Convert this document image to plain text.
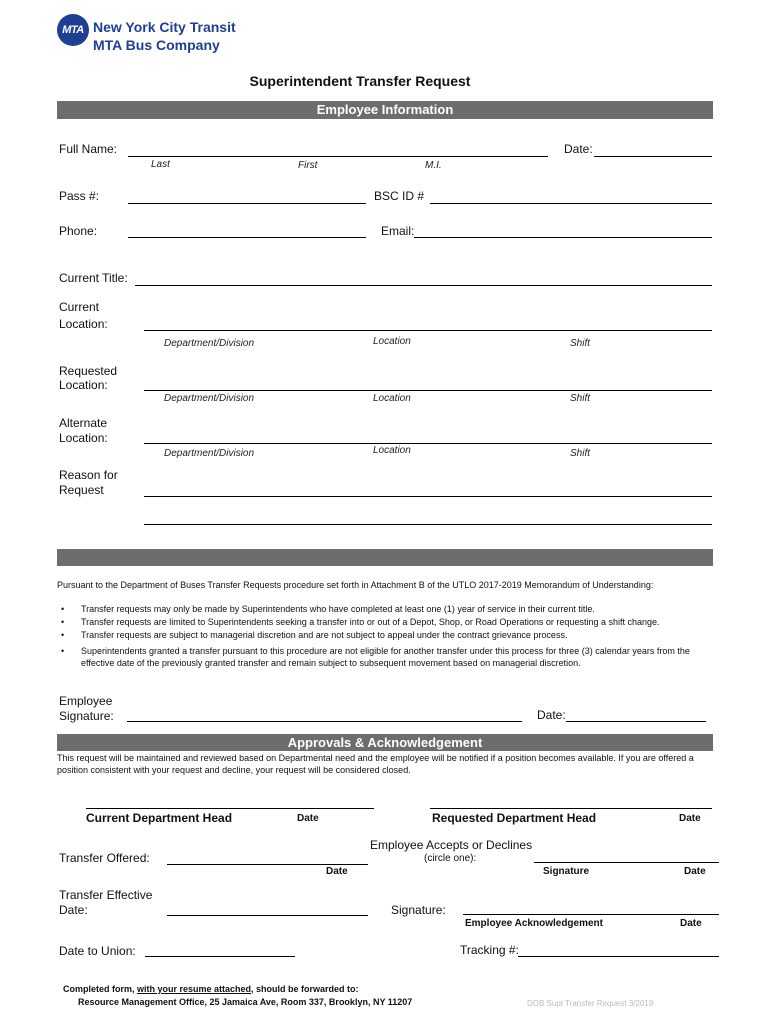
MTA New York City Transit
MTA Bus Company
Superintendent Transfer Request
Employee Information
Full Name:	Date:
Last	First	M.I.
Pass #:	BSC ID #
Phone:	Email:
Current Title:
Current
Location:
Department/Division	Location	Shift
Requested
Location:
Department/Division	Location	Shift
Alternate
Location:
Department/Division	Location	Shift
Reason for
Request
Pursuant to the Department of Buses Transfer Requests procedure set forth in Attachment B of the UTLO 2017-2019 Memorandum of Understanding:
• Transfer requests may only be made by Superintendents who have completed at least one (1) year of service in their current title.
• Transfer requests are limited to Superintendents seeking a transfer into or out of a Depot, Shop, or Road Operations or requesting a shift change.
• Transfer requests are subject to managerial discretion and are not subject to appeal under the contract grievance process.
• Superintendents granted a transfer pursuant to this procedure are not eligible for another transfer under this process for three (3) calendar years from the effective date of the previously granted transfer and remain subject to subsequent movement based on managerial discretion.
Employee
Signature:	Date:
Approvals & Acknowledgement
This request will be maintained and reviewed based on Departmental need and the employee will be notified if a position becomes available. If you are offered a position consistent with your request and decline, your request will be considered closed.
Current Department Head	Date	Requested Department Head	Date
Employee Accepts or Declines
(circle one):
Transfer Offered:
Date	Signature	Date
Transfer Effective
Date:	Signature:
Employee Acknowledgement	Date
Date to Union:	Tracking #:
Completed form, with your resume attached, should be forwarded to:
Resource Management Office, 25 Jamaica Ave, Room 337, Brooklyn, NY 11207	DOB Supt Transfer Request 3/2019
